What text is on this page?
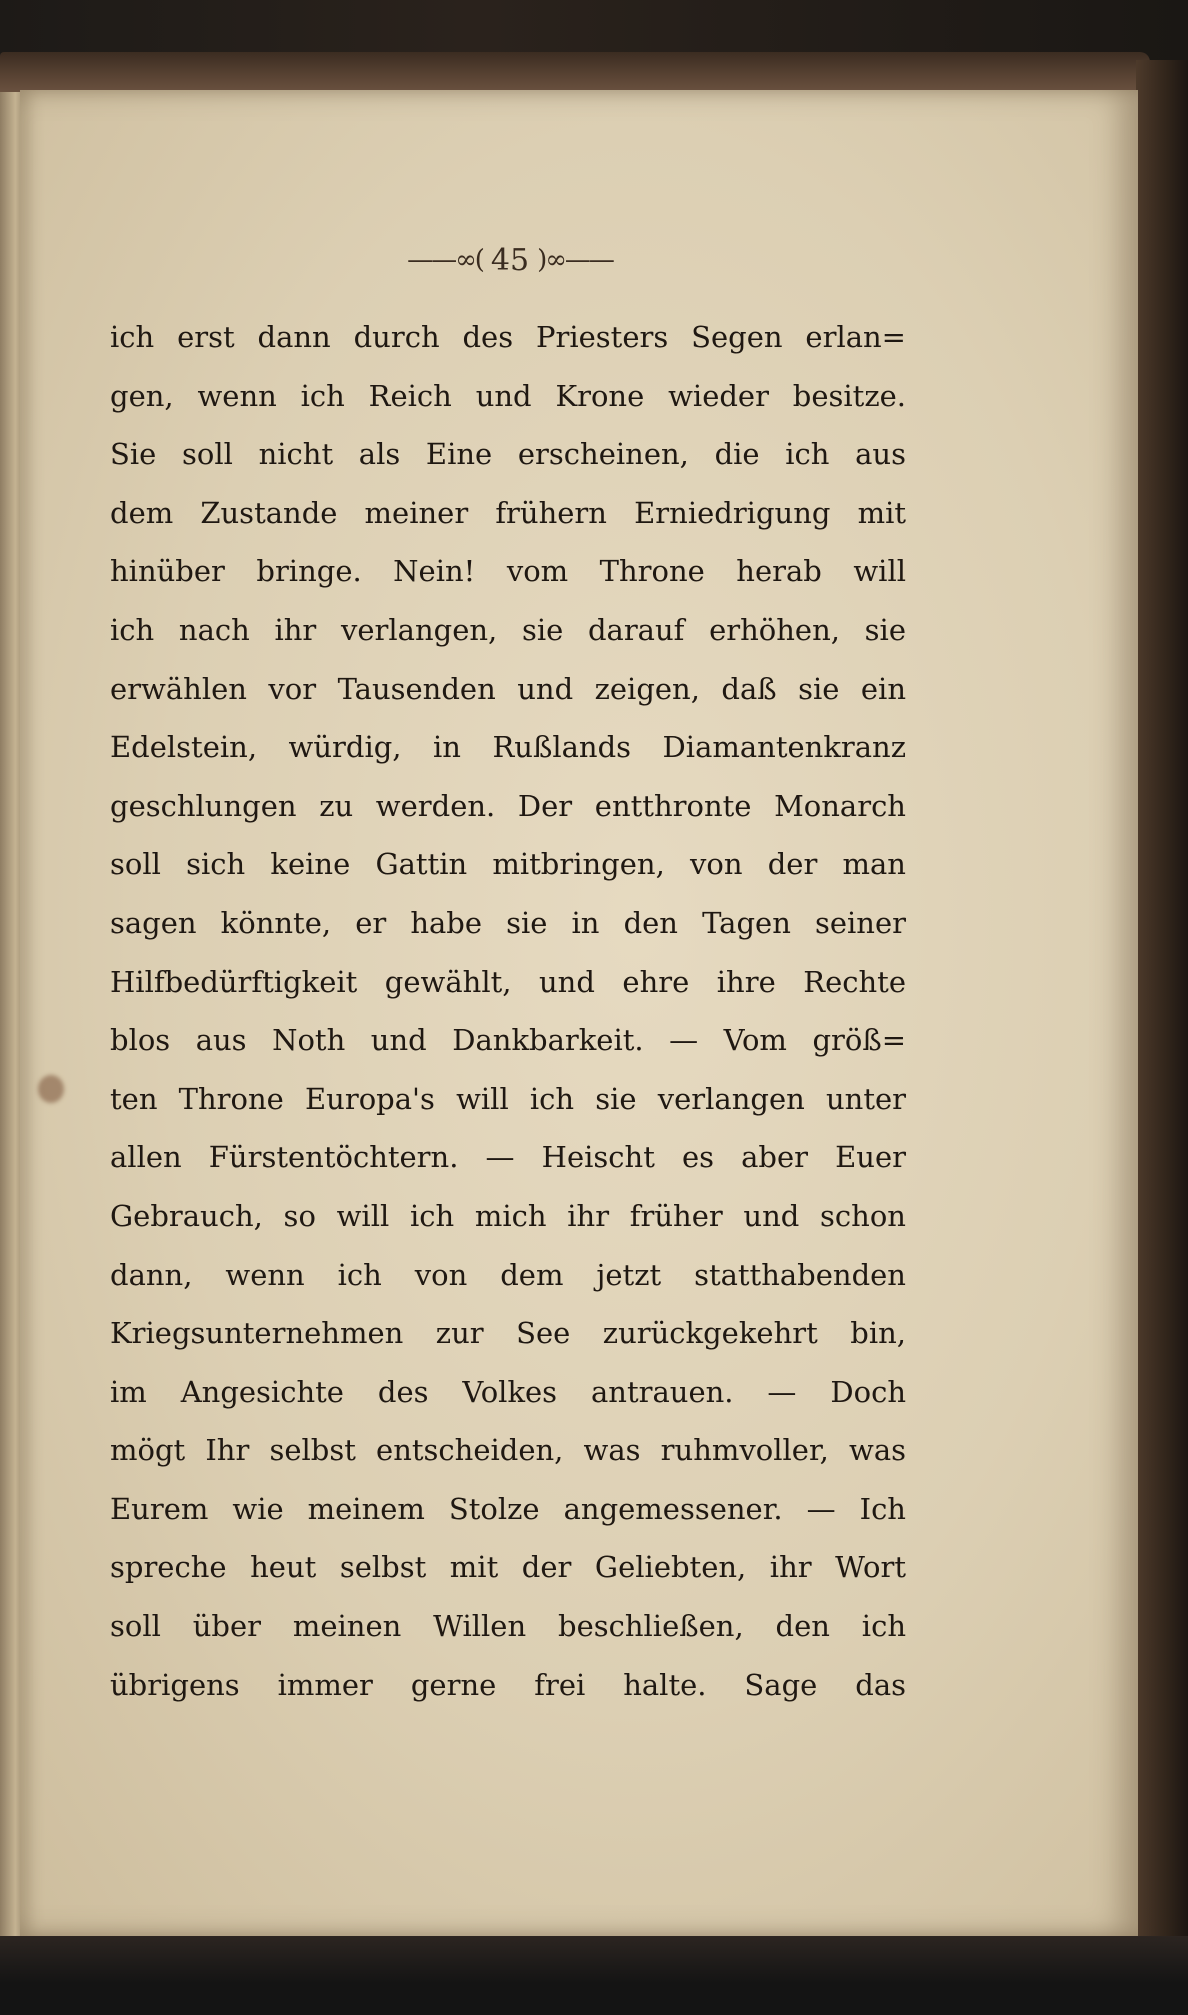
——∞( 45 )∞——
ich erst dann durch des Priesters Segen erlan=
gen, wenn ich Reich und Krone wieder besitze.
Sie soll nicht als Eine erscheinen, die ich aus
dem Zustande meiner frühern Erniedrigung mit
hinüber bringe. Nein! vom Throne herab will
ich nach ihr verlangen, sie darauf erhöhen, sie
erwählen vor Tausenden und zeigen, daß sie ein
Edelstein, würdig, in Rußlands Diamantenkranz
geschlungen zu werden. Der entthronte Monarch
soll sich keine Gattin mitbringen, von der man
sagen könnte, er habe sie in den Tagen seiner
Hilfbedürftigkeit gewählt, und ehre ihre Rechte
blos aus Noth und Dankbarkeit. — Vom größ=
ten Throne Europa's will ich sie verlangen unter
allen Fürstentöchtern. — Heischt es aber Euer
Gebrauch, so will ich mich ihr früher und schon
dann, wenn ich von dem jetzt statthabenden
Kriegsunternehmen zur See zurückgekehrt bin,
im Angesichte des Volkes antrauen. — Doch
mögt Ihr selbst entscheiden, was ruhmvoller, was
Eurem wie meinem Stolze angemessener. — Ich
spreche heut selbst mit der Geliebten, ihr Wort
soll über meinen Willen beschließen, den ich
übrigens immer gerne frei halte. Sage das
